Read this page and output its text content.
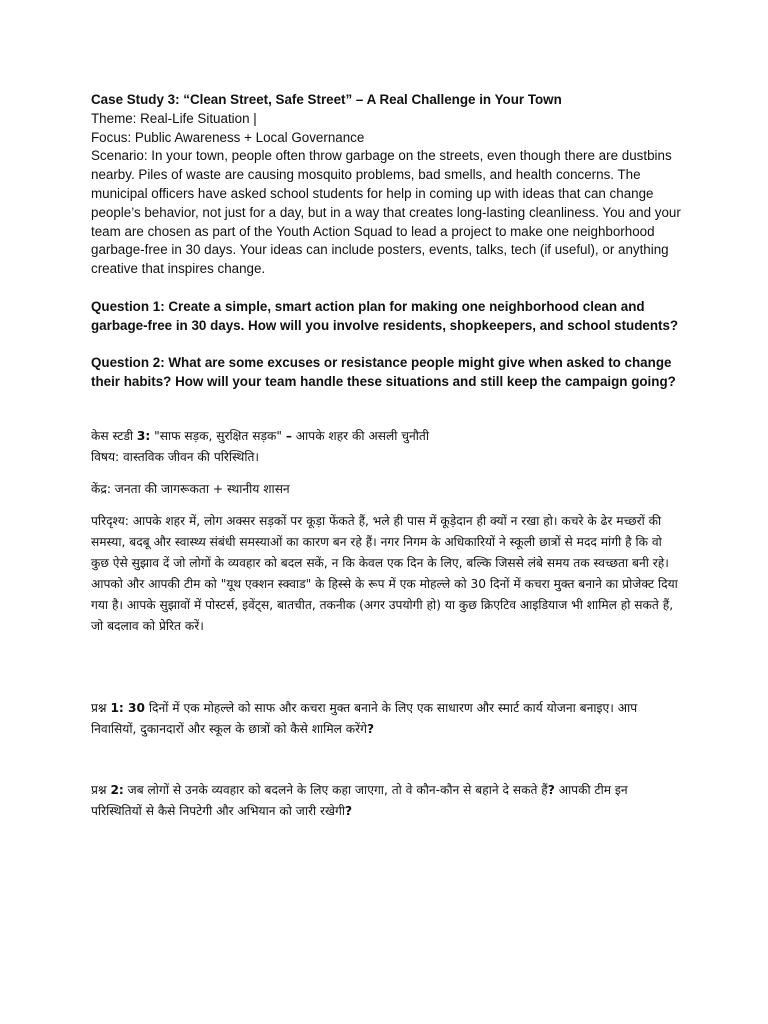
Case Study 3: “Clean Street, Safe Street” – A Real Challenge in Your Town

Theme: Real-Life Situation |

Focus: Public Awareness + Local Governance

Scenario: In your town, people often throw garbage on the streets, even though there are dustbins nearby. Piles of waste are causing mosquito problems, bad smells, and health concerns. The municipal officers have asked school students for help in coming up with ideas that can change people’s behavior, not just for a day, but in a way that creates long-lasting cleanliness. You and your team are chosen as part of the Youth Action Squad to lead a project to make one neighborhood garbage-free in 30 days. Your ideas can include posters, events, talks, tech (if useful), or anything creative that inspires change.

Question 1: Create a simple, smart action plan for making one neighborhood clean and garbage-free in 30 days. How will you involve residents, shopkeepers, and school students?

Question 2: What are some excuses or resistance people might give when asked to change their habits? How will your team handle these situations and still keep the campaign going?

केस स्टडी 3: "साफ सड़क, सुरक्षित सड़क" – आपके शहर की असली चुनौती

विषय: वास्तविक जीवन की परिस्थिति।

केंद्र: जनता की जागरूकता + स्थानीय शासन

परिदृश्य: आपके शहर में, लोग अक्सर सड़कों पर कूड़ा फेंकते हैं, भले ही पास में कूड़ेदान ही क्यों न रखा हो। कचरे के ढेर मच्छरों की समस्या, बदबू और स्वास्थ्य संबंधी समस्याओं का कारण बन रहे हैं। नगर निगम के अधिकारियों ने स्कूली छात्रों से मदद मांगी है कि वो कुछ ऐसे सुझाव दें जो लोगों के व्यवहार को बदल सकें, न कि केवल एक दिन के लिए, बल्कि जिससे लंबे समय तक स्वच्छता बनी रहे। आपको और आपकी टीम को "यूथ एक्शन स्क्वाड" के हिस्से के रूप में एक मोहल्ले को 30 दिनों में कचरा मुक्त बनाने का प्रोजेक्ट दिया गया है। आपके सुझावों में पोस्टर्स, इवेंट्स, बातचीत, तकनीक (अगर उपयोगी हो) या कुछ क्रिएटिव आइडियाज भी शामिल हो सकते हैं, जो बदलाव को प्रेरित करें।

प्रश्न 1: 30 दिनों में एक मोहल्ले को साफ और कचरा मुक्त बनाने के लिए एक साधारण और स्मार्ट कार्य योजना बनाइए। आप निवासियों, दुकानदारों और स्कूल के छात्रों को कैसे शामिल करेंगे?

प्रश्न 2: जब लोगों से उनके व्यवहार को बदलने के लिए कहा जाएगा, तो वे कौन-कौन से बहाने दे सकते हैं? आपकी टीम इन परिस्थितियों से कैसे निपटेगी और अभियान को जारी रखेगी?
